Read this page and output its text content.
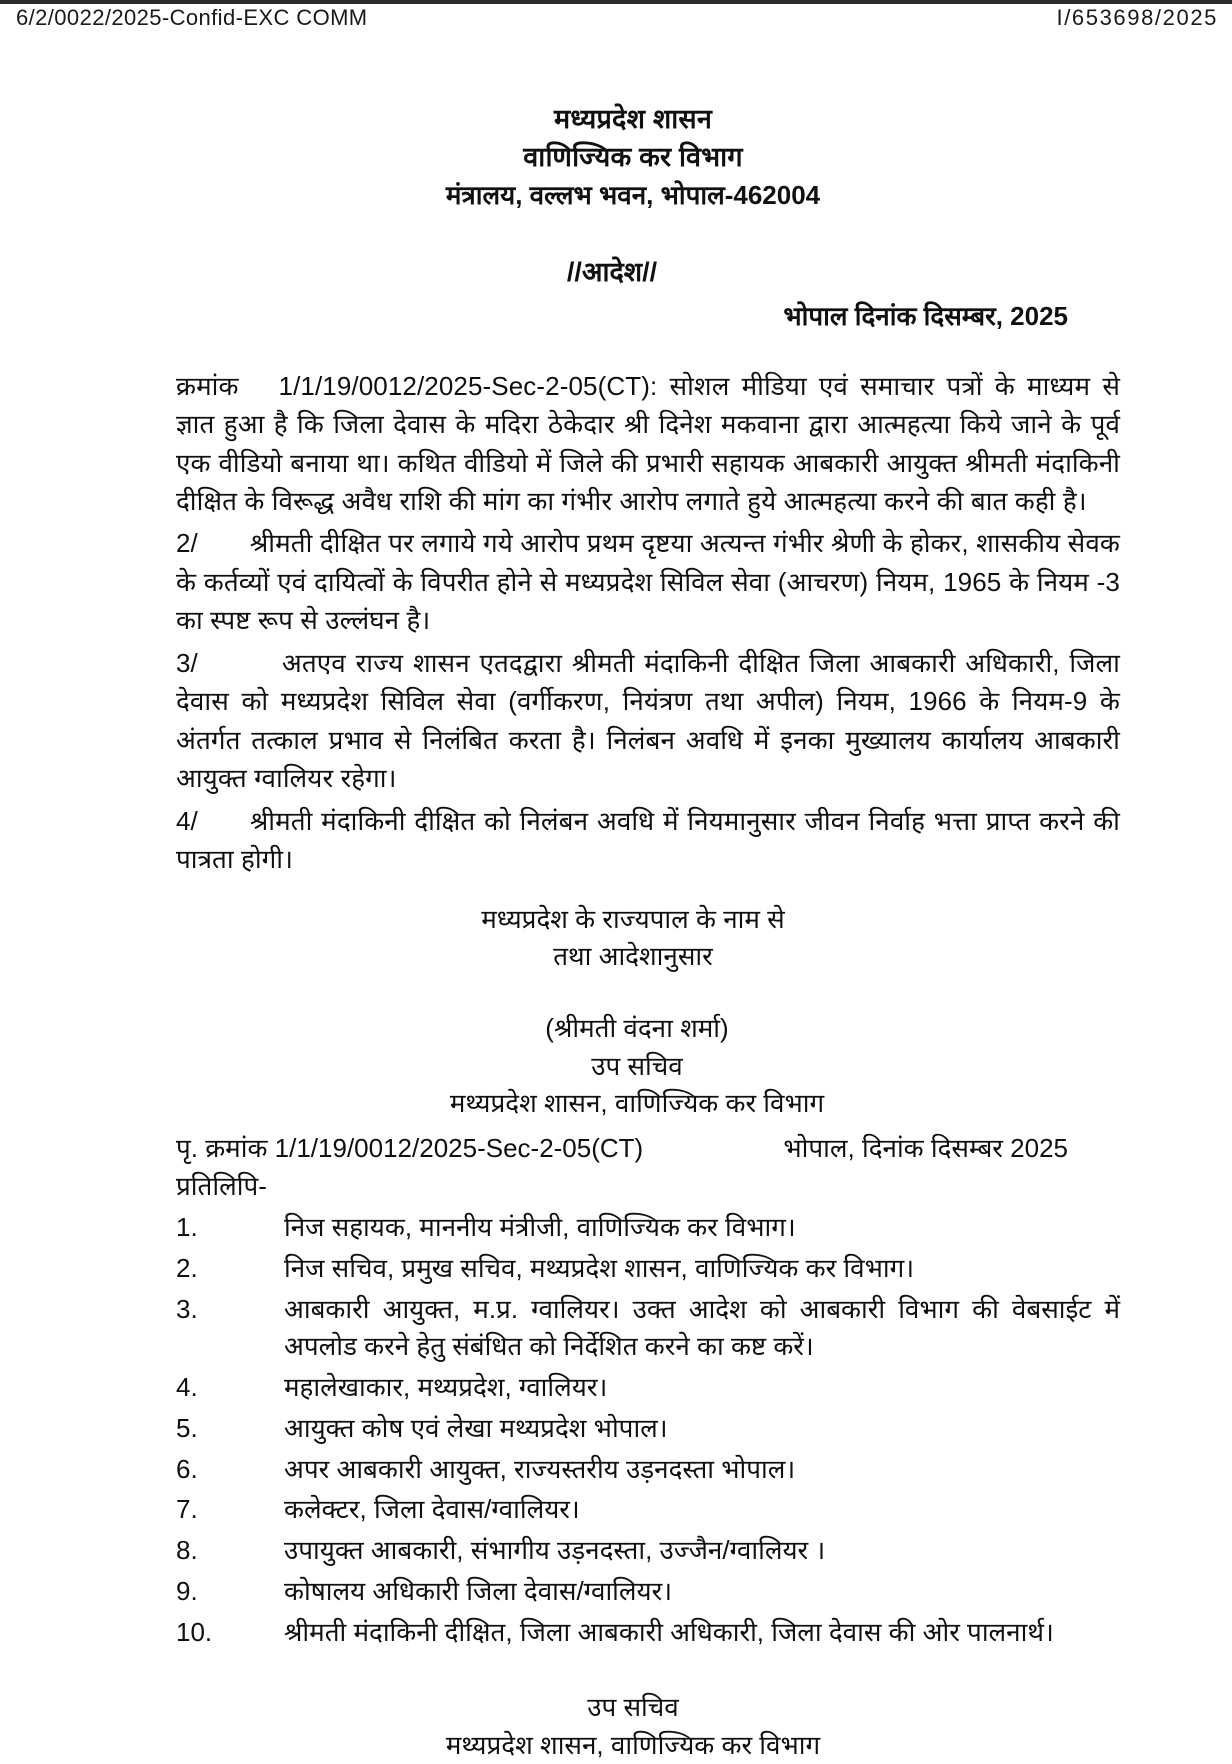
6/2/0022/2025-Confid-EXC COMM	I/653698/2025
मध्यप्रदेश शासन
वाणिज्यिक कर विभाग
मंत्रालय, वल्लभ भवन, भोपाल-462004
//आदेश//
भोपाल दिनांक दिसम्बर, 2025

क्रमांक 1/1/19/0012/2025-Sec-2-05(CT): सोशल मीडिया एवं समाचार पत्रों के माध्यम से ज्ञात हुआ है कि जिला देवास के मदिरा ठेकेदार श्री दिनेश मकवाना द्वारा आत्महत्या किये जाने के पूर्व एक वीडियो बनाया था। कथित वीडियो में जिले की प्रभारी सहायक आबकारी आयुक्त श्रीमती मंदाकिनी दीक्षित के विरूद्ध अवैध राशि की मांग का गंभीर आरोप लगाते हुये आत्महत्या करने की बात कही है।

2/ श्रीमती दीक्षित पर लगाये गये आरोप प्रथम दृष्टया अत्यन्त गंभीर श्रेणी के होकर, शासकीय सेवक के कर्तव्यों एवं दायित्वों के विपरीत होने से मध्यप्रदेश सिविल सेवा (आचरण) नियम, 1965 के नियम -3 का स्पष्ट रूप से उल्लंघन है।

3/	अतएव राज्य शासन एतदद्वारा श्रीमती मंदाकिनी दीक्षित जिला आबकारी अधिकारी, जिला देवास को मध्यप्रदेश सिविल सेवा (वर्गीकरण, नियंत्रण तथा अपील) नियम, 1966 के नियम-9 के अंतर्गत तत्काल प्रभाव से निलंबित करता है। निलंबन अवधि में इनका मुख्यालय कार्यालय आबकारी आयुक्त ग्वालियर रहेगा।

4/ श्रीमती मंदाकिनी दीक्षित को निलंबन अवधि में नियमानुसार जीवन निर्वाह भत्ता प्राप्त करने की पात्रता होगी।

मध्यप्रदेश के राज्यपाल के नाम से
तथा आदेशानुसार
(श्रीमती वंदना शर्मा)
उप सचिव
मथ्यप्रदेश शासन, वाणिज्यिक कर विभाग
पृ. क्रमांक 1/1/19/0012/2025-Sec-2-05(CT)	भोपाल, दिनांक दिसम्बर 2025
प्रतिलिपि-
1.	निज सहायक, माननीय मंत्रीजी, वाणिज्यिक कर विभाग।
2.	निज सचिव, प्रमुख सचिव, मथ्यप्रदेश शासन, वाणिज्यिक कर विभाग।
3.	आबकारी आयुक्त, म.प्र. ग्वालियर। उक्त आदेश को आबकारी विभाग की वेबसाईट में अपलोड करने हेतु संबंधित को निर्देशित करने का कष्ट करें।
4.	महालेखाकार, मथ्यप्रदेश, ग्वालियर।
5.	आयुक्त कोष एवं लेखा मथ्यप्रदेश भोपाल।
6.	अपर आबकारी आयुक्त, राज्यस्तरीय उड़नदस्ता भोपाल।
7.	कलेक्टर, जिला देवास/ग्वालियर।
8.	उपायुक्त आबकारी, संभागीय उड़नदस्ता, उज्जैन/ग्वालियर ।
9.	कोषालय अधिकारी जिला देवास/ग्वालियर।
10.	श्रीमती मंदाकिनी दीक्षित, जिला आबकारी अधिकारी, जिला देवास की ओर पालनार्थ।
उप सचिव
मथ्यप्रदेश शासन, वाणिज्यिक कर विभाग
